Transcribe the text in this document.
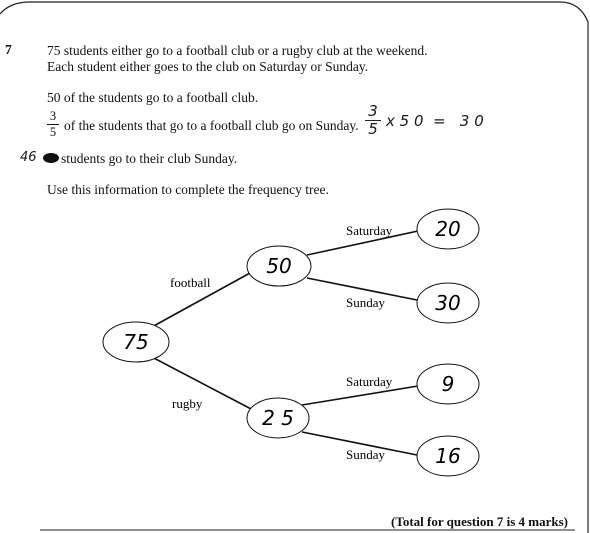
7	75 students either go to a football club or a rugby club at the weekend.
Each student either goes to the club on Saturday or Sunday.
50 of the students go to a football club.
3
5 of the students that go to a football club go on Sunday.
3
5 x 5 0  =   3 0
46 students go to their club Sunday.
Use this information to complete the frequency tree.
75
50
2 5
20
30
9
16
football
rugby
Saturday
Sunday
Saturday
Sunday
(Total for question 7 is 4 marks)
